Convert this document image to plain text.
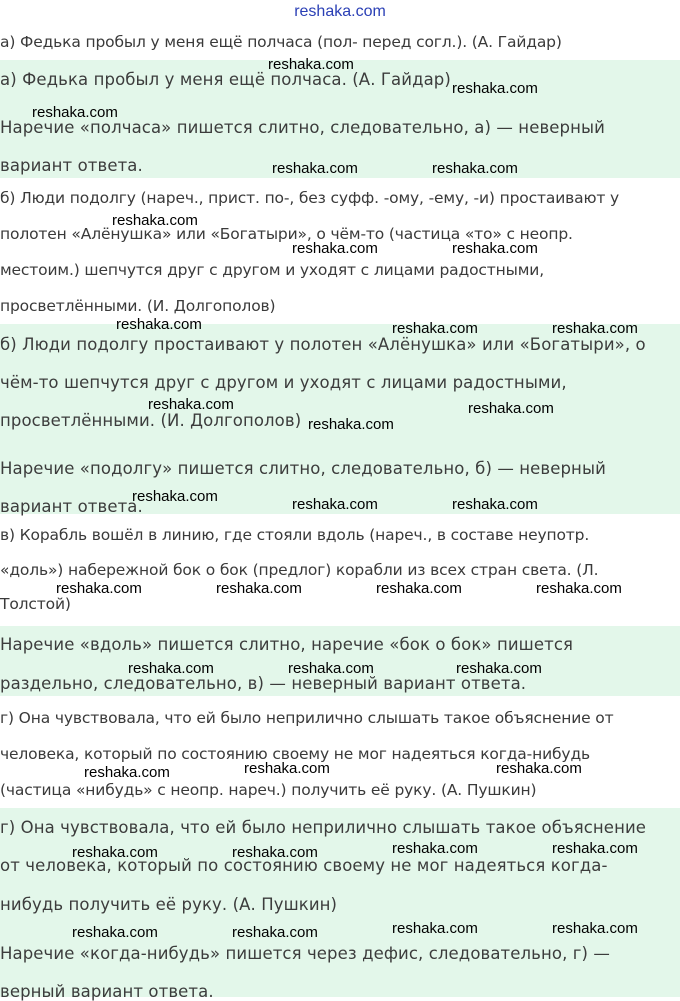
reshaka.com
а) Федька пробыл у меня ещё полчаса (пол- перед согл.). (А. Гайдар)
а) Федька пробыл у меня ещё полчаса. (А. Гайдар)
Наречие «полчаса» пишется слитно, следовательно, а) — неверный
вариант ответа.
б) Люди подолгу (нареч., прист. по-, без суфф. -ому, -ему, -и) простаивают у
полотен «Алёнушка» или «Богатыри», о чём-то (частица «то» с неопр.
местоим.) шепчутся друг с другом и уходят с лицами радостными,
просветлёнными. (И. Долгополов)
б) Люди подолгу простаивают у полотен «Алёнушка» или «Богатыри», о
чём-то шепчутся друг с другом и уходят с лицами радостными,
просветлёнными. (И. Долгополов)
Наречие «подолгу» пишется слитно, следовательно, б) — неверный
вариант ответа.
в) Корабль вошёл в линию, где стояли вдоль (нареч., в составе неупотр.
«доль») набережной бок о бок (предлог) корабли из всех стран света. (Л.
Толстой)
Наречие «вдоль» пишется слитно, наречие «бок о бок» пишется
раздельно, следовательно, в) — неверный вариант ответа.
г) Она чувствовала, что ей было неприлично слышать такое объяснение от
человека, который по состоянию своему не мог надеяться когда-нибудь
(частица «нибудь» с неопр. нареч.) получить её руку. (А. Пушкин)
г) Она чувствовала, что ей было неприлично слышать такое объяснение
от человека, который по состоянию своему не мог надеяться когда-
нибудь получить её руку. (А. Пушкин)
Наречие «когда-нибудь» пишется через дефис, следовательно, г) —
верный вариант ответа.
reshaka.com
reshaka.com
reshaka.com
reshaka.com	reshaka.com
reshaka.com
reshaka.com	reshaka.com
reshaka.com	reshaka.com	reshaka.com
reshaka.com	reshaka.com
reshaka.com
reshaka.com	reshaka.com	reshaka.com
reshaka.com	reshaka.com	reshaka.com	reshaka.com
reshaka.com	reshaka.com	reshaka.com
reshaka.com	reshaka.com
reshaka.com
reshaka.com	reshaka.com
reshaka.com	reshaka.com
reshaka.com	reshaka.com
reshaka.com	reshaka.com
